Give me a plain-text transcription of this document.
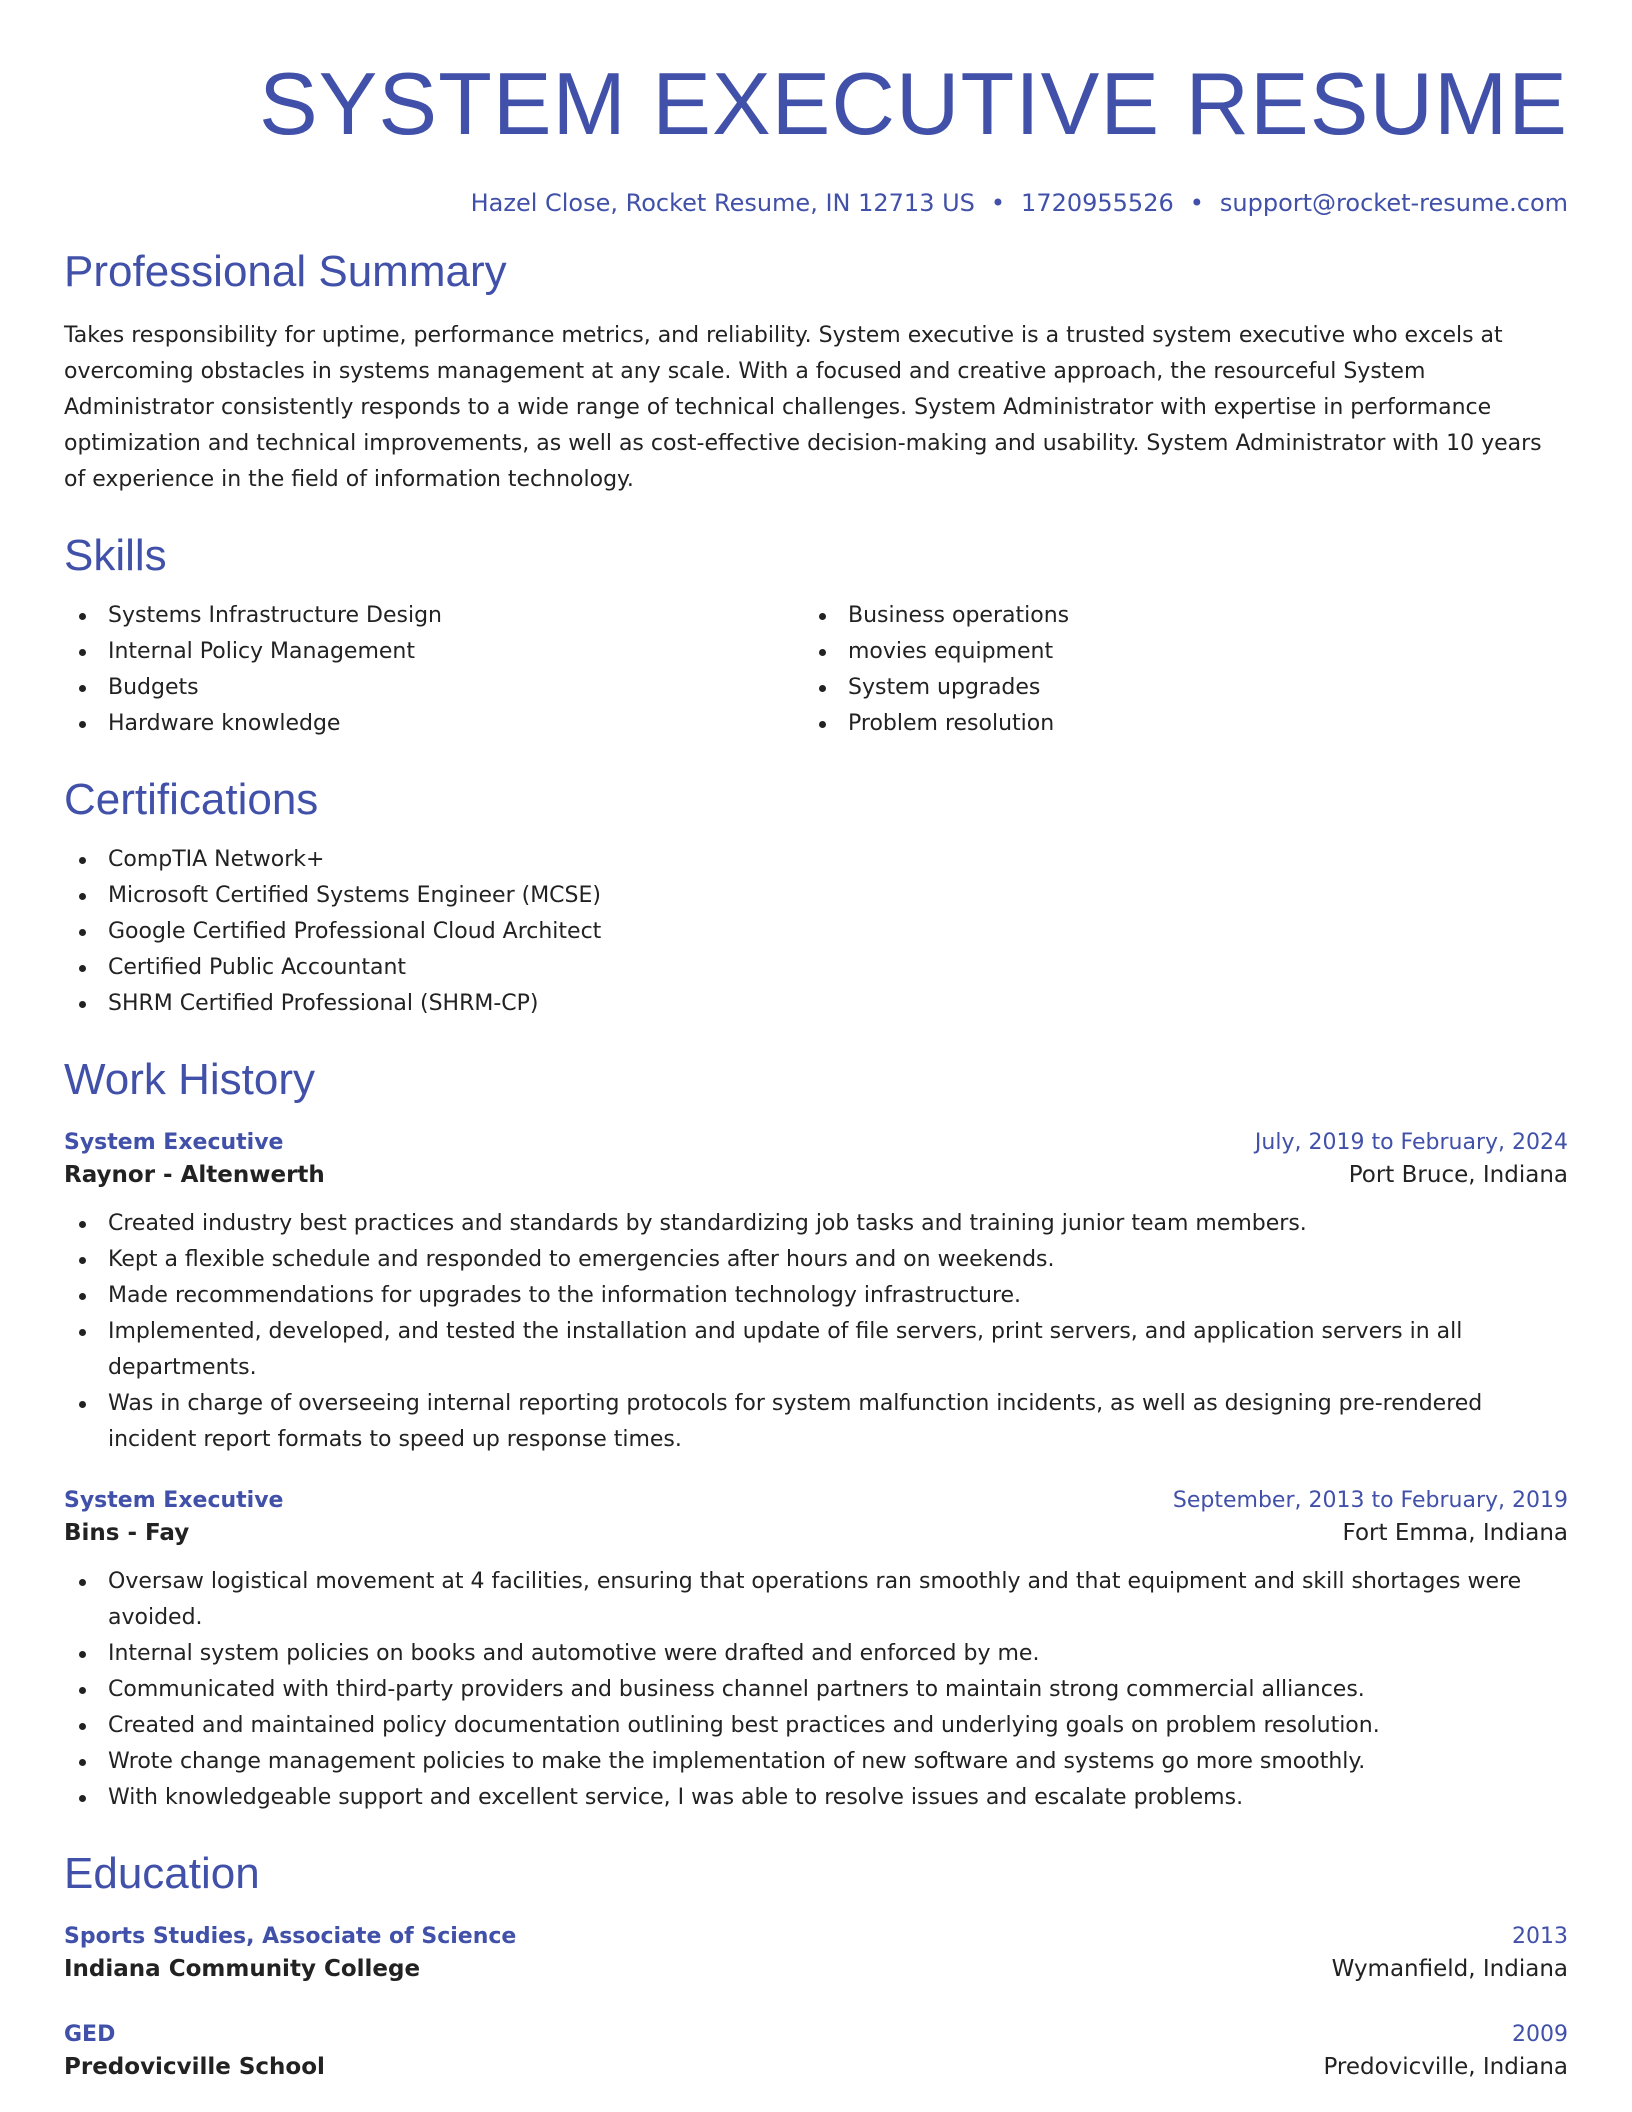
SYSTEM EXECUTIVE RESUME
Hazel Close, Rocket Resume, IN 12713 US • 1720955526 • support@rocket-resume.com
Professional Summary

Takes responsibility for uptime, performance metrics, and reliability. System executive is a trusted system executive who excels at overcoming obstacles in systems management at any scale. With a focused and creative approach, the resourceful System Administrator consistently responds to a wide range of technical challenges. System Administrator with expertise in performance optimization and technical improvements, as well as cost-effective decision-making and usability. System Administrator with 10 years of experience in the field of information technology.

Skills
Systems Infrastructure Design
Internal Policy Management
Budgets
Hardware knowledge
Business operations
movies equipment
System upgrades
Problem resolution
Certifications
CompTIA Network+
Microsoft Certified Systems Engineer (MCSE)
Google Certified Professional Cloud Architect
Certified Public Accountant
SHRM Certified Professional (SHRM-CP)
Work History
System Executive	July, 2019 to February, 2024
Raynor - Altenwerth	Port Bruce, Indiana
Created industry best practices and standards by standardizing job tasks and training junior team members.
Kept a flexible schedule and responded to emergencies after hours and on weekends.
Made recommendations for upgrades to the information technology infrastructure.
Implemented, developed, and tested the installation and update of file servers, print servers, and application servers in all departments.
Was in charge of overseeing internal reporting protocols for system malfunction incidents, as well as designing pre-rendered incident report formats to speed up response times.
System Executive	September, 2013 to February, 2019
Bins - Fay	Fort Emma, Indiana
Oversaw logistical movement at 4 facilities, ensuring that operations ran smoothly and that equipment and skill shortages were avoided.
Internal system policies on books and automotive were drafted and enforced by me.
Communicated with third-party providers and business channel partners to maintain strong commercial alliances.
Created and maintained policy documentation outlining best practices and underlying goals on problem resolution.
Wrote change management policies to make the implementation of new software and systems go more smoothly.
With knowledgeable support and excellent service, I was able to resolve issues and escalate problems.
Education
Sports Studies, Associate of Science	2013
Indiana Community College	Wymanfield, Indiana
GED	2009
Predovicville School	Predovicville, Indiana
